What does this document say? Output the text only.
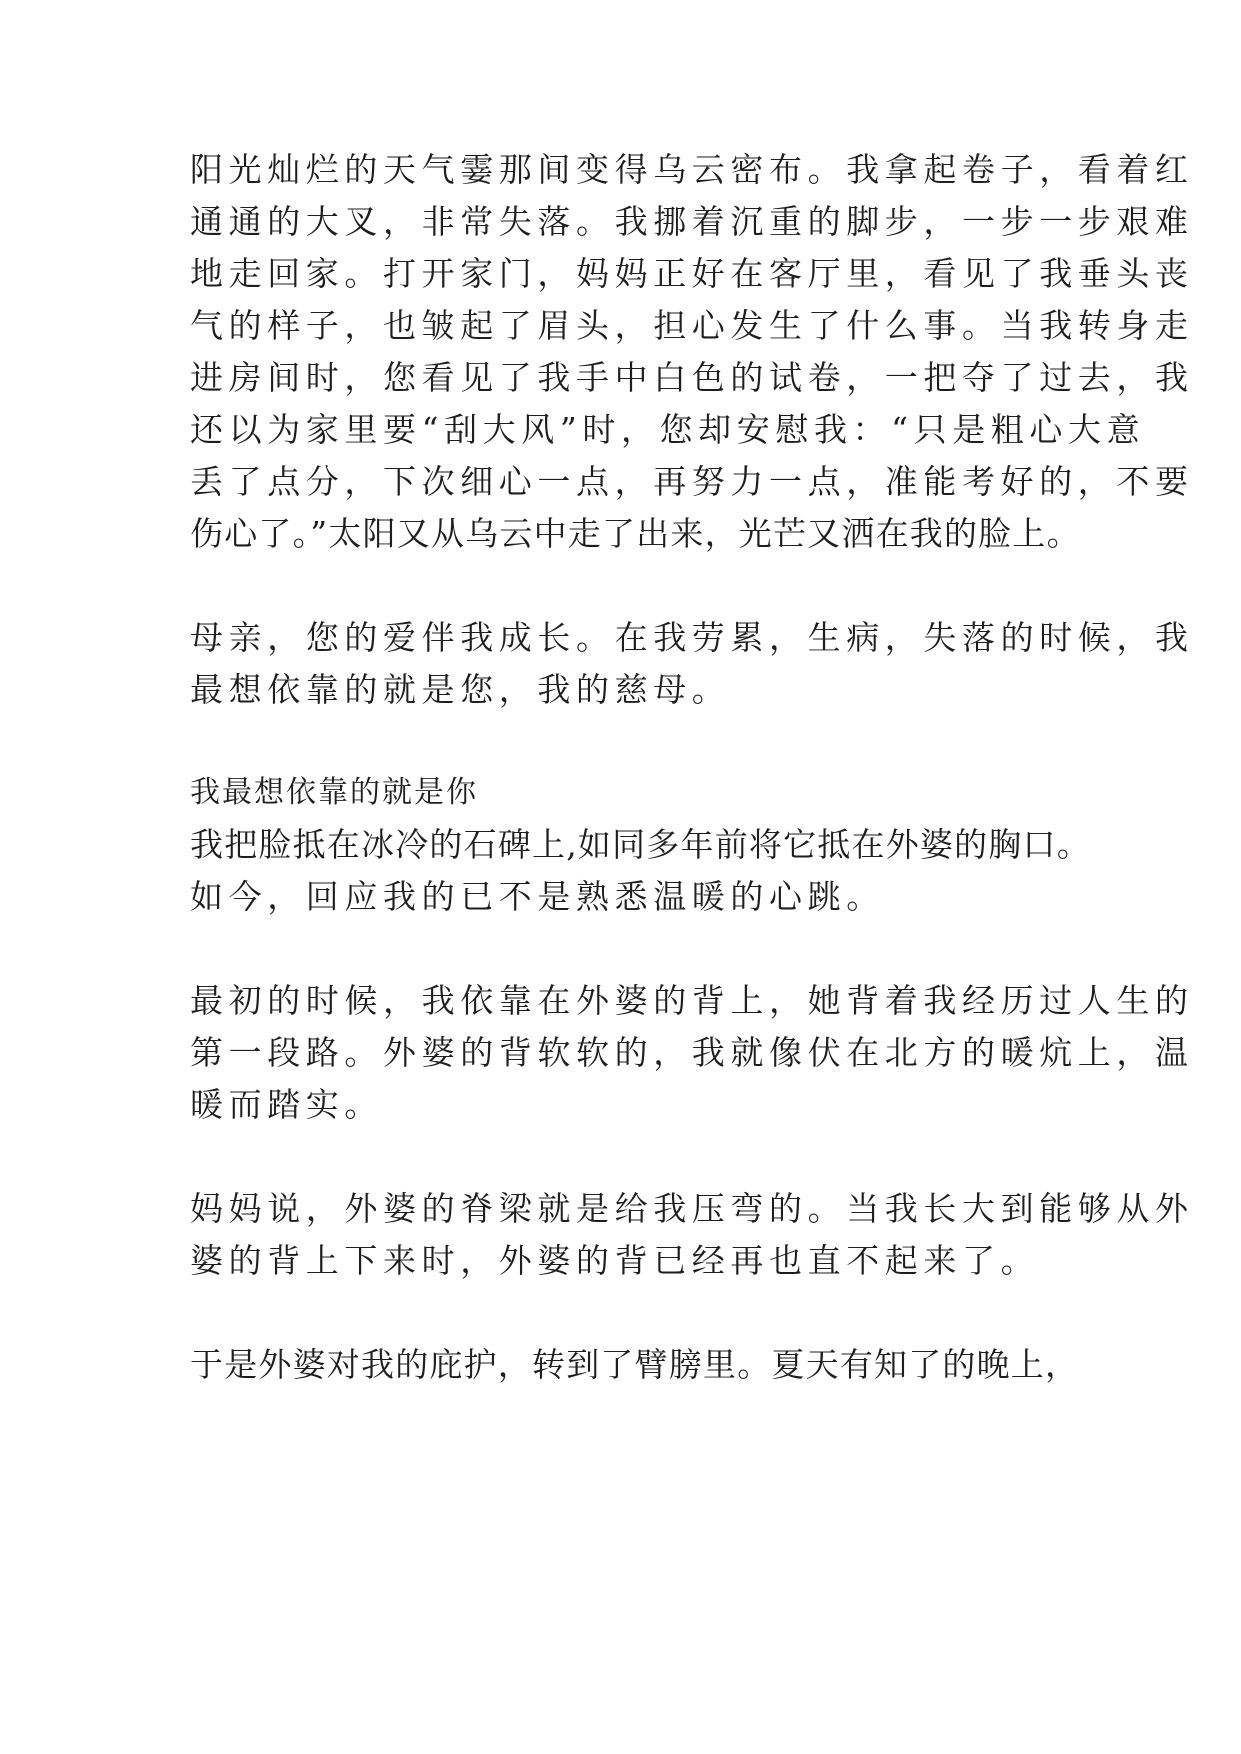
阳光灿烂的天气霎那间变得乌云密布。我拿起卷子，看着红
通通的大叉，非常失落。我挪着沉重的脚步，一步一步艰难
地走回家。打开家门，妈妈正好在客厅里，看见了我垂头丧
气的样子，也皱起了眉头，担心发生了什么事。当我转身走
进房间时，您看见了我手中白色的试卷，一把夺了过去，我
还以为家里要“刮大风”时，您却安慰我：“只是粗心大意
丢了点分，下次细心一点，再努力一点，准能考好的，不要
伤心了。”太阳又从乌云中走了出来，光芒又洒在我的脸上。
母亲，您的爱伴我成长。在我劳累，生病，失落的时候，我
最想依靠的就是您，我的慈母。
我最想依靠的就是你
我把脸抵在冰冷的石碑上,如同多年前将它抵在外婆的胸口。
如今，回应我的已不是熟悉温暖的心跳。
最初的时候，我依靠在外婆的背上，她背着我经历过人生的
第一段路。外婆的背软软的，我就像伏在北方的暖炕上，温
暖而踏实。
妈妈说，外婆的脊梁就是给我压弯的。当我长大到能够从外
婆的背上下来时，外婆的背已经再也直不起来了。
于是外婆对我的庇护，转到了臂膀里。夏天有知了的晚上，
